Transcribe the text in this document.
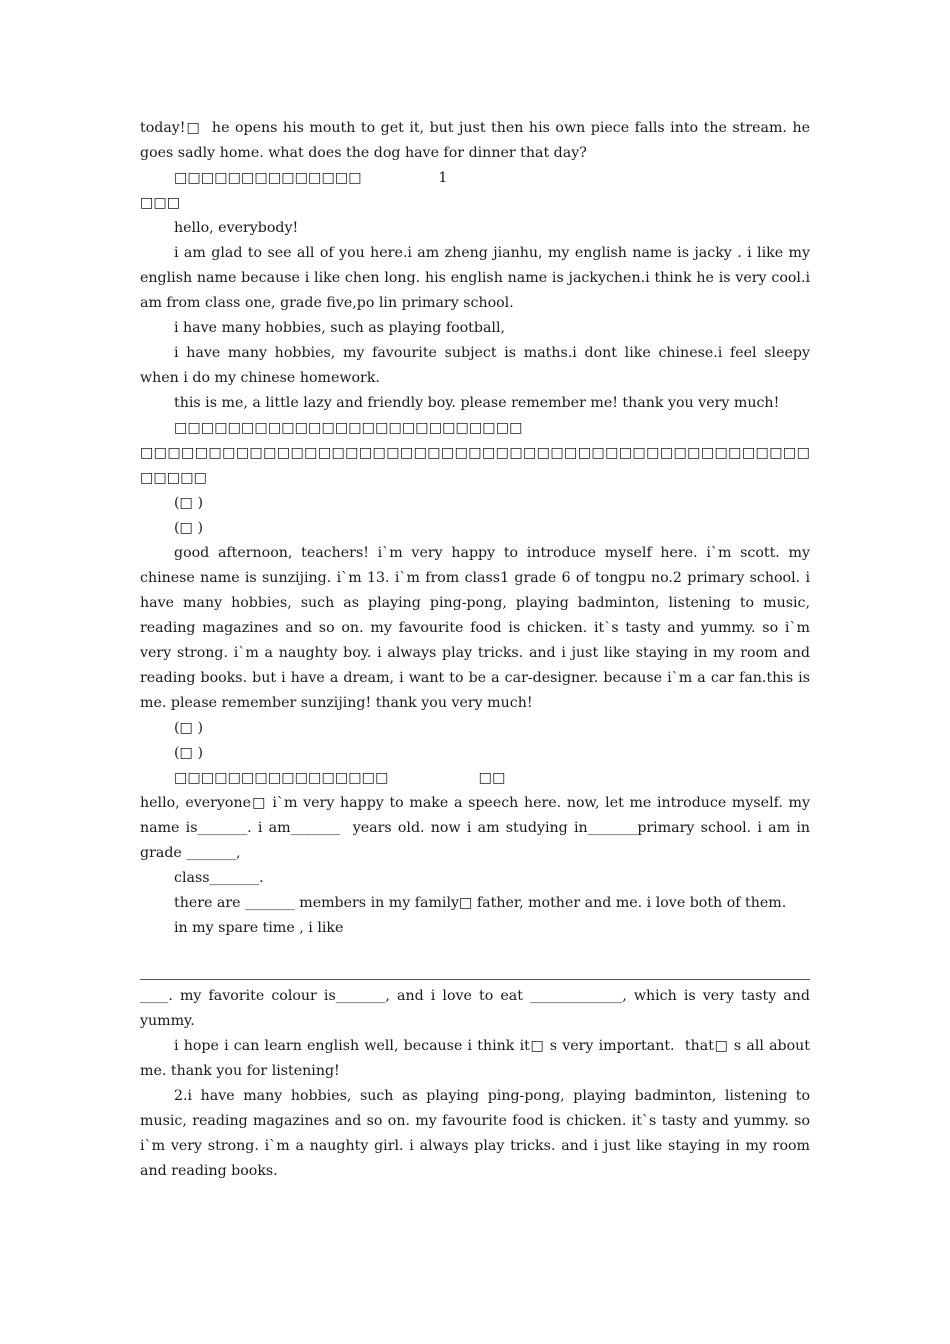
today!□  he opens his mouth to get it, but just then his own piece falls into the stream. he goes sadly home. what does the dog have for dinner that day?

□□□□□□□□□□□□□□                 1

□□□

hello, everybody!

i am glad to see all of you here.i am zheng jianhu, my english name is jacky . i like my english name because i like chen long. his english name is jackychen.i think he is very cool.i am from class one, grade five,po lin primary school.

i have many hobbies, such as playing football,

i have many hobbies, my favourite subject is maths.i dont like chinese.i feel sleepy when i do my chinese homework.

this is me, a little lazy and friendly boy. please remember me! thank you very much!

□□□□□□□□□□□□□□□□□□□□□□□□□□

□□□□□□□□□□□□□□□□□□□□□□□□□□□□□□□□□□□□□□□□□□□□□□□□□□□□□□

(□ )

(□ )

good afternoon, teachers! i`m very happy to introduce myself here. i`m scott. my chinese name is sunzijing. i`m 13. i`m from class1 grade 6 of tongpu no.2 primary school. i have many hobbies, such as playing ping-pong, playing badminton, listening to music, reading magazines and so on. my favourite food is chicken. it`s tasty and yummy. so i`m very strong. i`m a naughty boy. i always play tricks. and i just like staying in my room and reading books. but i have a dream, i want to be a car-designer. because i`m a car fan.this is me. please remember sunzijing! thank you very much!

(□ )

(□ )

□□□□□□□□□□□□□□□□                    □□

hello, everyone□ i`m very happy to make a speech here. now, let me introduce myself. my name is_______. i am_______  years old. now i am studying in_______primary school. i am in grade _______,

class_______.

there are _______ members in my family□ father, mother and me. i love both of them.

in my spare time , i like

____. my favorite colour is_______, and i love to eat _____________, which is very tasty and yummy.

i hope i can learn english well, because i think it□ s very important.  that□ s all about me. thank you for listening!

2.i have many hobbies, such as playing ping-pong, playing badminton, listening to music, reading magazines and so on. my favourite food is chicken. it`s tasty and yummy. so i`m very strong. i`m a naughty girl. i always play tricks. and i just like staying in my room and reading books.
